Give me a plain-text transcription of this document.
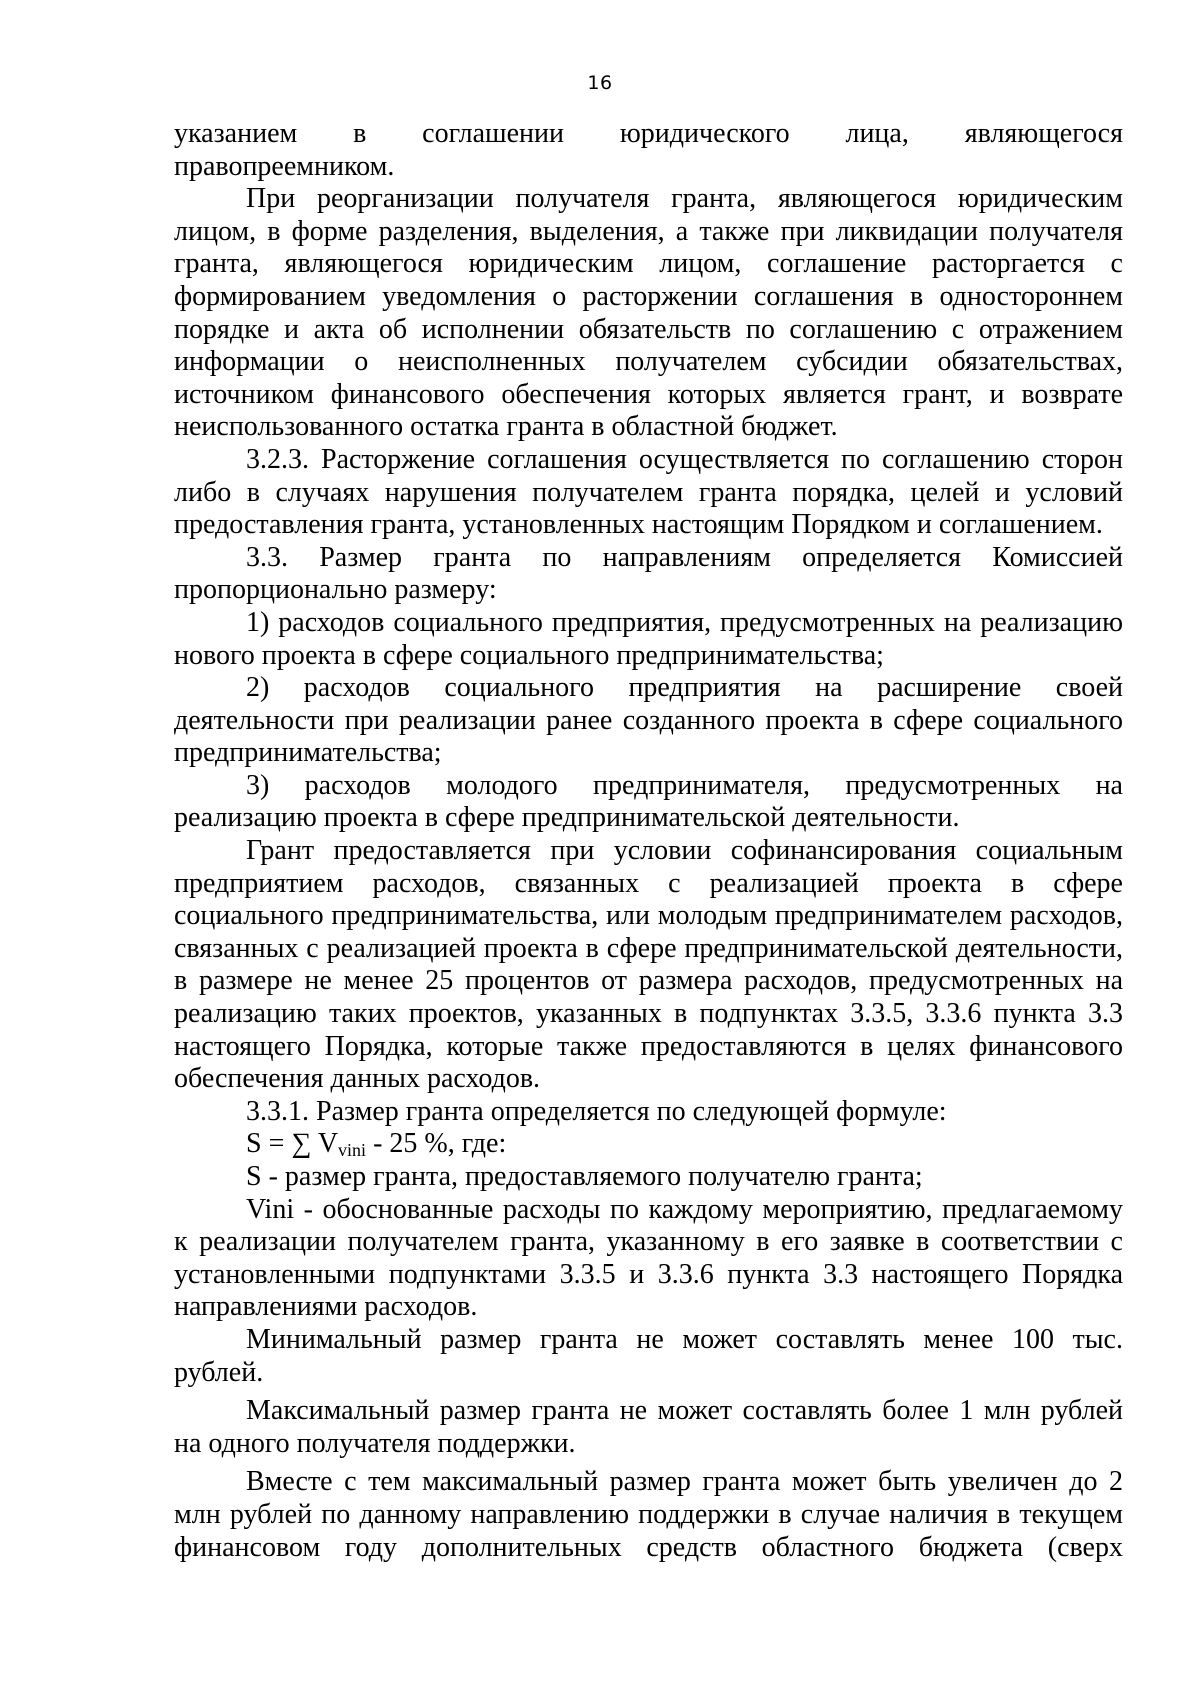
16

указанием в соглашении юридического лица, являющегося

правопреемником.

При реорганизации получателя гранта, являющегося юридическим лицом, в форме разделения, выделения, а также при ликвидации получателя гранта, являющегося юридическим лицом, соглашение расторгается с формированием уведомления о расторжении соглашения в одностороннем порядке и акта об исполнении обязательств по соглашению с отражением информации о неисполненных получателем субсидии обязательствах, источником финансового обеспечения которых является грант, и возврате неиспользованного остатка гранта в областной бюджет.

3.2.3. Расторжение соглашения осуществляется по соглашению сторон либо в случаях нарушения получателем гранта порядка, целей и условий предоставления гранта, установленных настоящим Порядком и соглашением.

3.3. Размер гранта по направлениям определяется Комиссией пропорционально размеру:

1) расходов социального предприятия, предусмотренных на реализацию нового проекта в сфере социального предпринимательства;

2) расходов социального предприятия на расширение своей деятельности при реализации ранее созданного проекта в сфере социального предпринимательства;

3) расходов молодого предпринимателя, предусмотренных на реализацию проекта в сфере предпринимательской деятельности.

Грант предоставляется при условии софинансирования социальным предприятием расходов, связанных с реализацией проекта в сфере социального предпринимательства, или молодым предпринимателем расходов, связанных с реализацией проекта в сфере предпринимательской деятельности, в размере не менее 25 процентов от размера расходов, предусмотренных на реализацию таких проектов, указанных в подпунктах 3.3.5, 3.3.6 пункта 3.3 настоящего Порядка, которые также предоставляются в целях финансового обеспечения данных расходов.

3.3.1. Размер гранта определяется по следующей формуле:

S = ∑ $V_{vini} - 25$ %, где:

S - размер гранта, предоставляемого получателю гранта;

Vini - обоснованные расходы по каждому мероприятию, предлагаемому к реализации получателем гранта, указанному в его заявке в соответствии с установленными подпунктами 3.3.5 и 3.3.6 пункта 3.3 настоящего Порядка направлениями расходов.

Минимальный размер гранта не может составлять менее 100 тыс. рублей.

Максимальный размер гранта не может составлять более 1 млн рублей на одного получателя поддержки.

Вместе с тем максимальный размер гранта может быть увеличен до 2 млн рублей по данному направлению поддержки в случае наличия в текущем финансовом году дополнительных средств областного бюджета (сверх
